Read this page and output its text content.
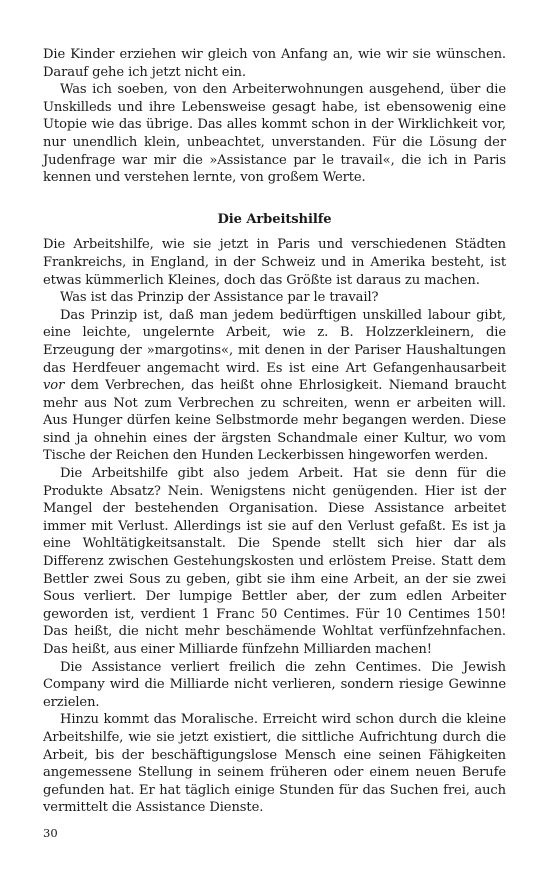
Die Kinder erziehen wir gleich von Anfang an, wie wir sie wünschen. Darauf gehe ich jetzt nicht ein.

Was ich soeben, von den Arbeiterwohnungen ausgehend, über die Unskilleds und ihre Lebensweise gesagt habe, ist ebensowenig eine Utopie wie das übrige. Das alles kommt schon in der Wirklichkeit vor, nur unendlich klein, unbeachtet, unverstanden. Für die Lösung der Judenfrage war mir die »Assistance par le travail«, die ich in Paris kennen und verstehen lernte, von großem Werte.

Die Arbeitshilfe

Die Arbeitshilfe, wie sie jetzt in Paris und verschiedenen Städten Frankreichs, in England, in der Schweiz und in Amerika besteht, ist etwas kümmerlich Kleines, doch das Größte ist daraus zu machen.

Was ist das Prinzip der Assistance par le travail?

Das Prinzip ist, daß man jedem bedürftigen unskilled labour gibt, eine leichte, ungelernte Arbeit, wie z. B. Holzzerkleinern, die Erzeugung der »margotins«, mit denen in der Pariser Haushaltungen das Herdfeuer angemacht wird. Es ist eine Art Gefangenhausarbeit vor dem Verbrechen, das heißt ohne Ehrlosigkeit. Niemand braucht mehr aus Not zum Verbrechen zu schreiten, wenn er arbeiten will. Aus Hunger dürfen keine Selbstmorde mehr begangen werden. Diese sind ja ohnehin eines der ärgsten Schandmale einer Kultur, wo vom Tische der Reichen den Hunden Leckerbissen hingeworfen werden.

Die Arbeitshilfe gibt also jedem Arbeit. Hat sie denn für die Produkte Absatz? Nein. Wenigstens nicht genügenden. Hier ist der Mangel der bestehenden Organisation. Diese Assistance arbeitet immer mit Verlust. Allerdings ist sie auf den Verlust gefaßt. Es ist ja eine Wohltätigkeitsanstalt. Die Spende stellt sich hier dar als Differenz zwischen Gestehungskosten und erlöstem Preise. Statt dem Bettler zwei Sous zu geben, gibt sie ihm eine Arbeit, an der sie zwei Sous verliert. Der lumpige Bettler aber, der zum edlen Arbeiter geworden ist, verdient 1 Franc 50 Centimes. Für 10 Centimes 150! Das heißt, die nicht mehr beschämende Wohltat verfünfzehnfachen. Das heißt, aus einer Milliarde fünfzehn Milliarden machen!

Die Assistance verliert freilich die zehn Centimes. Die Jewish Company wird die Milliarde nicht verlieren, sondern riesige Gewinne erzielen.

Hinzu kommt das Moralische. Erreicht wird schon durch die kleine Arbeitshilfe, wie sie jetzt existiert, die sittliche Aufrichtung durch die Arbeit, bis der beschäftigungslose Mensch eine seinen Fähigkeiten angemessene Stellung in seinem früheren oder einem neuen Berufe gefunden hat. Er hat täglich einige Stunden für das Suchen frei, auch vermittelt die Assistance Dienste.

30
